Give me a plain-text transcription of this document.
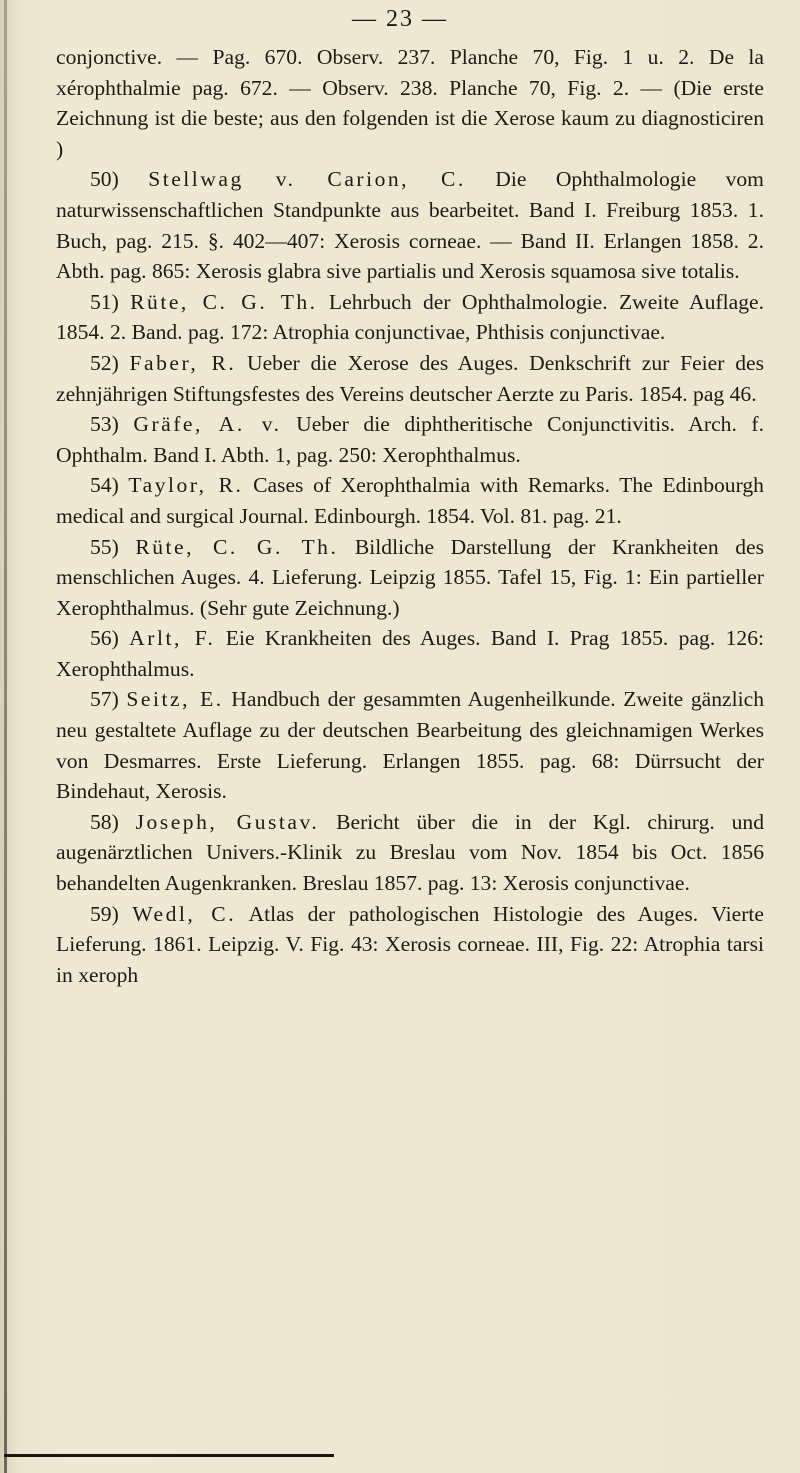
— 23 —

conjonctive. — Pag. 670. Observ. 237. Planche 70, Fig. 1 u. 2. De la xérophthalmie pag. 672. — Observ. 238. Planche 70, Fig. 2. — (Die erste Zeichnung ist die beste; aus den folgenden ist die Xerose kaum zu diagnosticiren )

50) Stellwag v. Carion, C. Die Ophthalmologie vom naturwissenschaftlichen Standpunkte aus bearbeitet. Band I. Freiburg 1853. 1. Buch, pag. 215. §. 402—407: Xerosis corneae. — Band II. Erlangen 1858. 2. Abth. pag. 865: Xerosis glabra sive partialis und Xerosis squamosa sive totalis.

51) Rüte, C. G. Th. Lehrbuch der Ophthalmologie. Zweite Auflage. 1854. 2. Band. pag. 172: Atrophia conjunctivae, Phthisis conjunctivae.

52) Faber, R. Ueber die Xerose des Auges. Denkschrift zur Feier des zehnjährigen Stiftungsfestes des Vereins deutscher Aerzte zu Paris. 1854. pag 46.

53) Gräfe, A. v. Ueber die diphtheritische Conjunctivitis. Arch. f. Ophthalm. Band I. Abth. 1, pag. 250: Xerophthalmus.

54) Taylor, R. Cases of Xerophthalmia with Remarks. The Edinbourgh medical and surgical Journal. Edinbourgh. 1854. Vol. 81. pag. 21.

55) Rüte, C. G. Th. Bildliche Darstellung der Krankheiten des menschlichen Auges. 4. Lieferung. Leipzig 1855. Tafel 15, Fig. 1: Ein partieller Xerophthalmus. (Sehr gute Zeichnung.)

56) Arlt, F. Eie Krankheiten des Auges. Band I. Prag 1855. pag. 126: Xerophthalmus.

57) Seitz, E. Handbuch der gesammten Augenheilkunde. Zweite gänzlich neu gestaltete Auflage zu der deutschen Bearbeitung des gleichnamigen Werkes von Desmarres. Erste Lieferung. Erlangen 1855. pag. 68: Dürrsucht der Bindehaut, Xerosis.

58) Joseph, Gustav. Bericht über die in der Kgl. chirurg. und augenärztlichen Univers.-Klinik zu Breslau vom Nov. 1854 bis Oct. 1856 behandelten Augenkranken. Breslau 1857. pag. 13: Xerosis conjunctivae.

59) Wedl, C. Atlas der pathologischen Histologie des Auges. Vierte Lieferung. 1861. Leipzig. V. Fig. 43: Xerosis corneae. III, Fig. 22: Atrophia tarsi in xeroph
